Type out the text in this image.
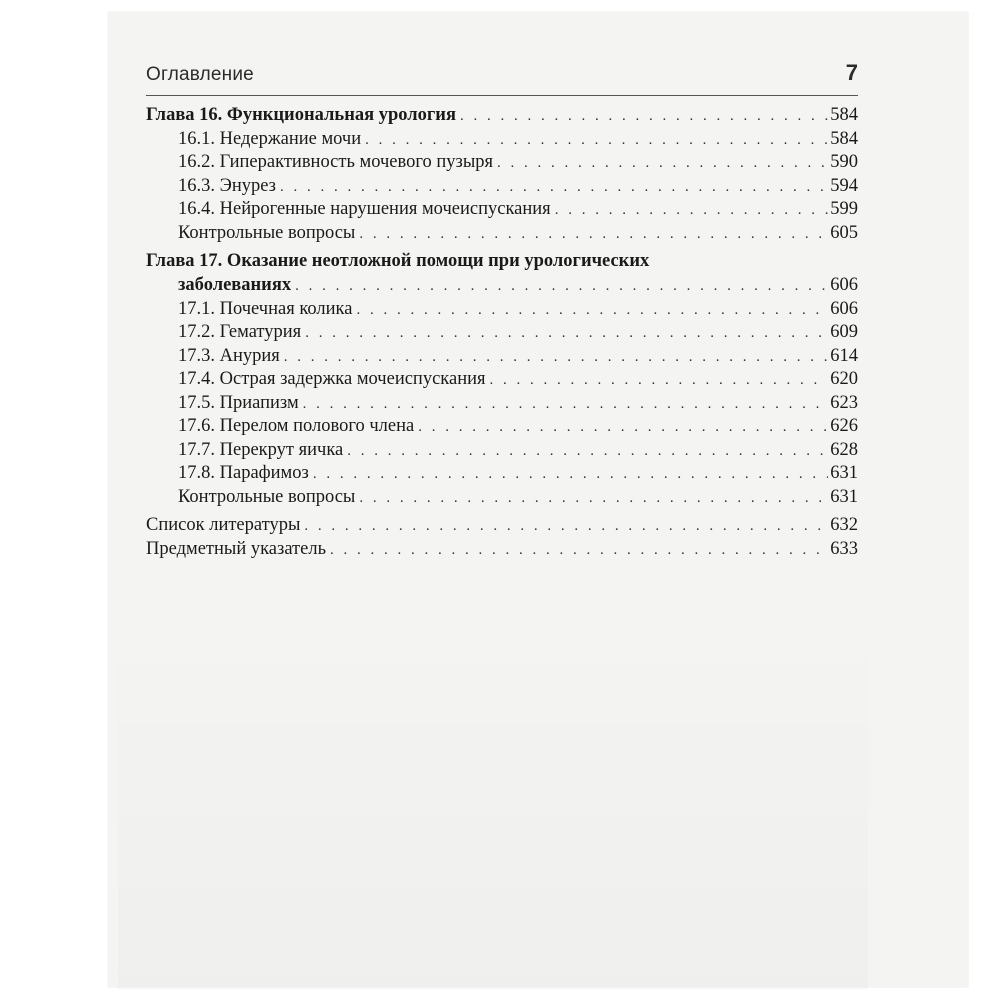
Оглавление	7
Глава 16. Функциональная урология . . .	584
16.1. Недержание мочи . . .	584
16.2. Гиперактивность мочевого пузыря . . .	590
16.3. Энурез . . .	594
16.4. Нейрогенные нарушения мочеиспускания . . .	599
Контрольные вопросы . . .	605
Глава 17. Оказание неотложной помощи при урологических
заболеваниях . . .	606
17.1. Почечная колика . . .	606
17.2. Гематурия . . .	609
17.3. Анурия . . .	614
17.4. Острая задержка мочеиспускания . . .	620
17.5. Приапизм . . .	623
17.6. Перелом полового члена . . .	626
17.7. Перекрут яичка . . .	628
17.8. Парафимоз . . .	631
Контрольные вопросы . . .	631
Список литературы . . .	632
Предметный указатель . . .	633
